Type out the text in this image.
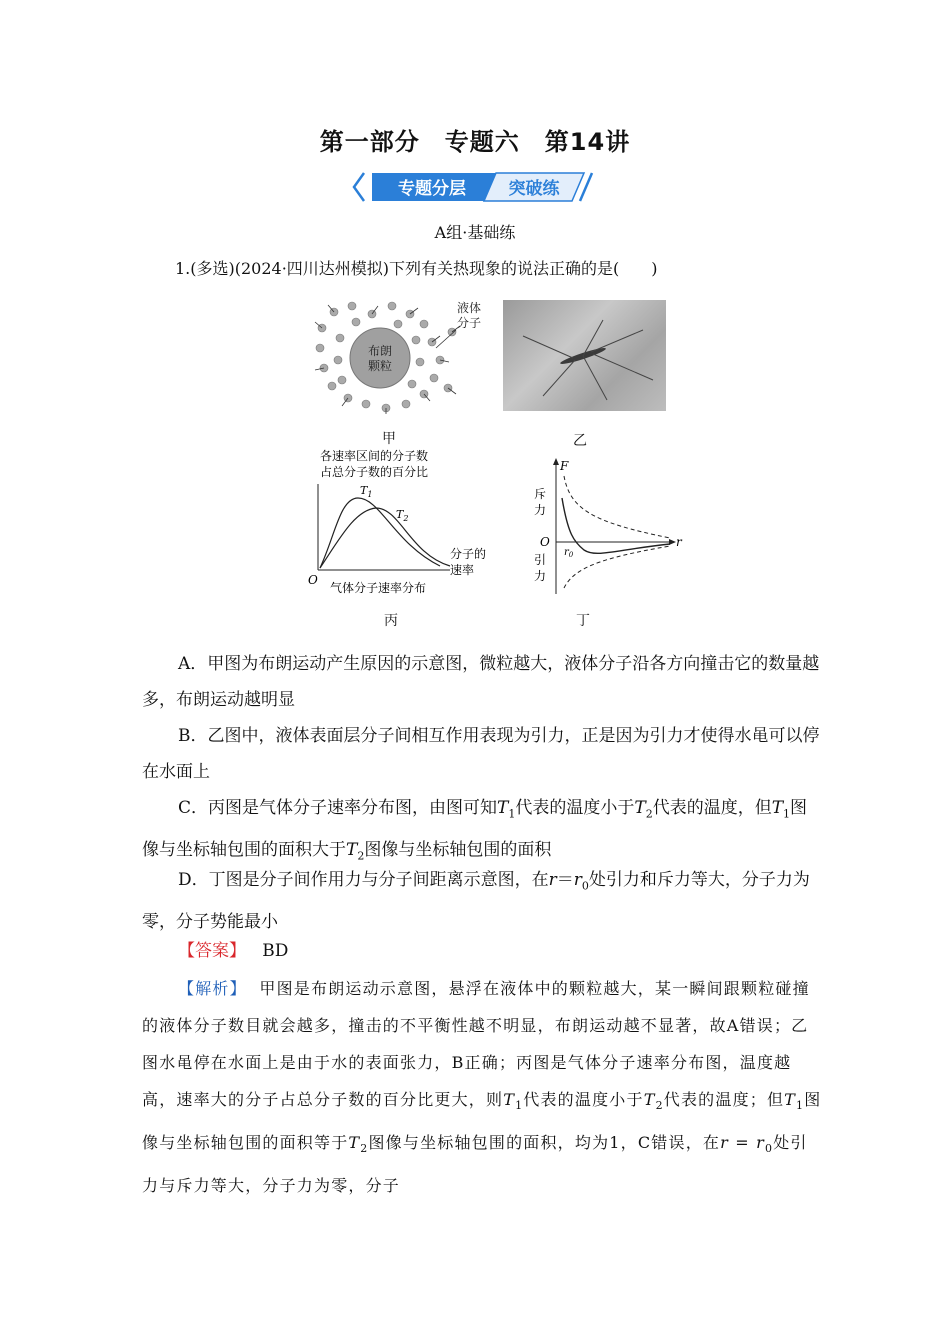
第一部分　专题六　第14讲
专题分层	突破练
A组·基础练
1.(多选)(2024·四川达州模拟)下列有关热现象的说法正确的是(　　)
布朗
颗粒
液体
分子
甲	乙
各速率区间的分子数
占总分子数的百分比
$T_1$
$T_2$
O
分子的
速率
气体分子速率分布
丙
F
斥
力
O
引
力
r
$r_0$
丁
A．甲图为布朗运动产生原因的示意图，微粒越大，液体分子沿各方向撞击它的数量越多，布朗运动越明显
B．乙图中，液体表面层分子间相互作用表现为引力，正是因为引力才使得水黾可以停在水面上
C．丙图是气体分子速率分布图，由图可知$T_1$代表的温度小于$T_2$代表的温度，但$T_1$图像与坐标轴包围的面积大于$T_2$图像与坐标轴包围的面积
D．丁图是分子间作用力与分子间距离示意图，在$r=r_0$处引力和斥力等大，分子力为零，分子势能最小
【答案】 BD
【解析】 甲图是布朗运动示意图，悬浮在液体中的颗粒越大，某一瞬间跟颗粒碰撞的液体分子数目就会越多，撞击的不平衡性越不明显，布朗运动越不显著，故A错误；乙图水黾停在水面上是由于水的表面张力，B正确；丙图是气体分子速率分布图，温度越高，速率大的分子占总分子数的百分比更大，则$T_1$代表的温度小于$T_2$代表的温度；但$T_1$图像与坐标轴包围的面积等于$T_2$图像与坐标轴包围的面积，均为1，C错误，在$r = r_0$处引力与斥力等大，分子力为零，分子
